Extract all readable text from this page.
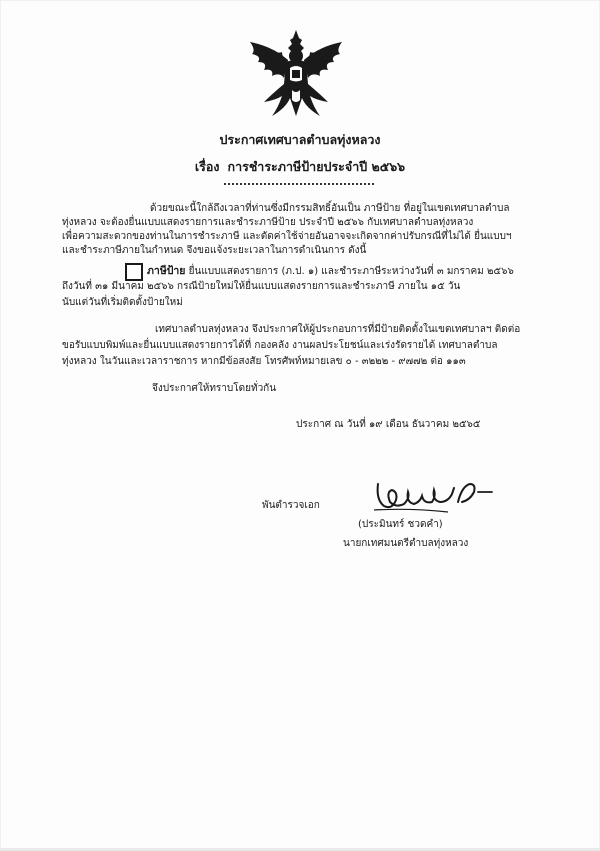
ประกาศเทศบาลตำบลทุ่งหลวง
เรื่อง การชำระภาษีป้ายประจำปี ๒๕๖๖
ด้วยขณะนี้ใกล้ถึงเวลาที่ท่านซึ่งมีกรรมสิทธิ์อันเป็น ภาษีป้าย ที่อยู่ในเขตเทศบาลตำบล
ทุ่งหลวง จะต้องยื่นแบบแสดงรายการและชำระภาษีป้าย ประจำปี ๒๕๖๖ กับเทศบาลตำบลทุ่งหลวง
เพื่อความสะดวกของท่านในการชำระภาษี และตัดค่าใช้จ่ายอันอาจจะเกิดจากค่าปรับกรณีที่ไม่ได้ ยื่นแบบฯ
และชำระภาษีภายในกำหนด จึงขอแจ้งระยะเวลาในการดำเนินการ ดังนี้
ภาษีป้าย ยื่นแบบแสดงรายการ (ภ.ป. ๑) และชำระภาษีระหว่างวันที่ ๓ มกราคม ๒๕๖๖
ถึงวันที่ ๓๑ มีนาคม ๒๕๖๖ กรณีป้ายใหม่ให้ยื่นแบบแสดงรายการและชำระภาษี ภายใน ๑๕ วัน
นับแต่วันที่เริ่มติดตั้งป้ายใหม่
เทศบาลตำบลทุ่งหลวง จึงประกาศให้ผู้ประกอบการที่มีป้ายติดตั้งในเขตเทศบาลฯ ติดต่อ
ขอรับแบบพิมพ์และยื่นแบบแสดงรายการได้ที่ กองคลัง งานผลประโยชน์และเร่งรัดรายได้ เทศบาลตำบล
ทุ่งหลวง ในวันและเวลาราชการ หากมีข้อสงสัย โทรศัพท์หมายเลข ๐ - ๓๒๒๒ - ๙๗๗๒ ต่อ ๑๑๓
จึงประกาศให้ทราบโดยทั่วกัน
ประกาศ ณ วันที่ ๑๙ เดือน ธันวาคม ๒๕๖๕
พันตำรวจเอก
(ประมินทร์ ชวดคำ)
นายกเทศมนตรีตำบลทุ่งหลวง
